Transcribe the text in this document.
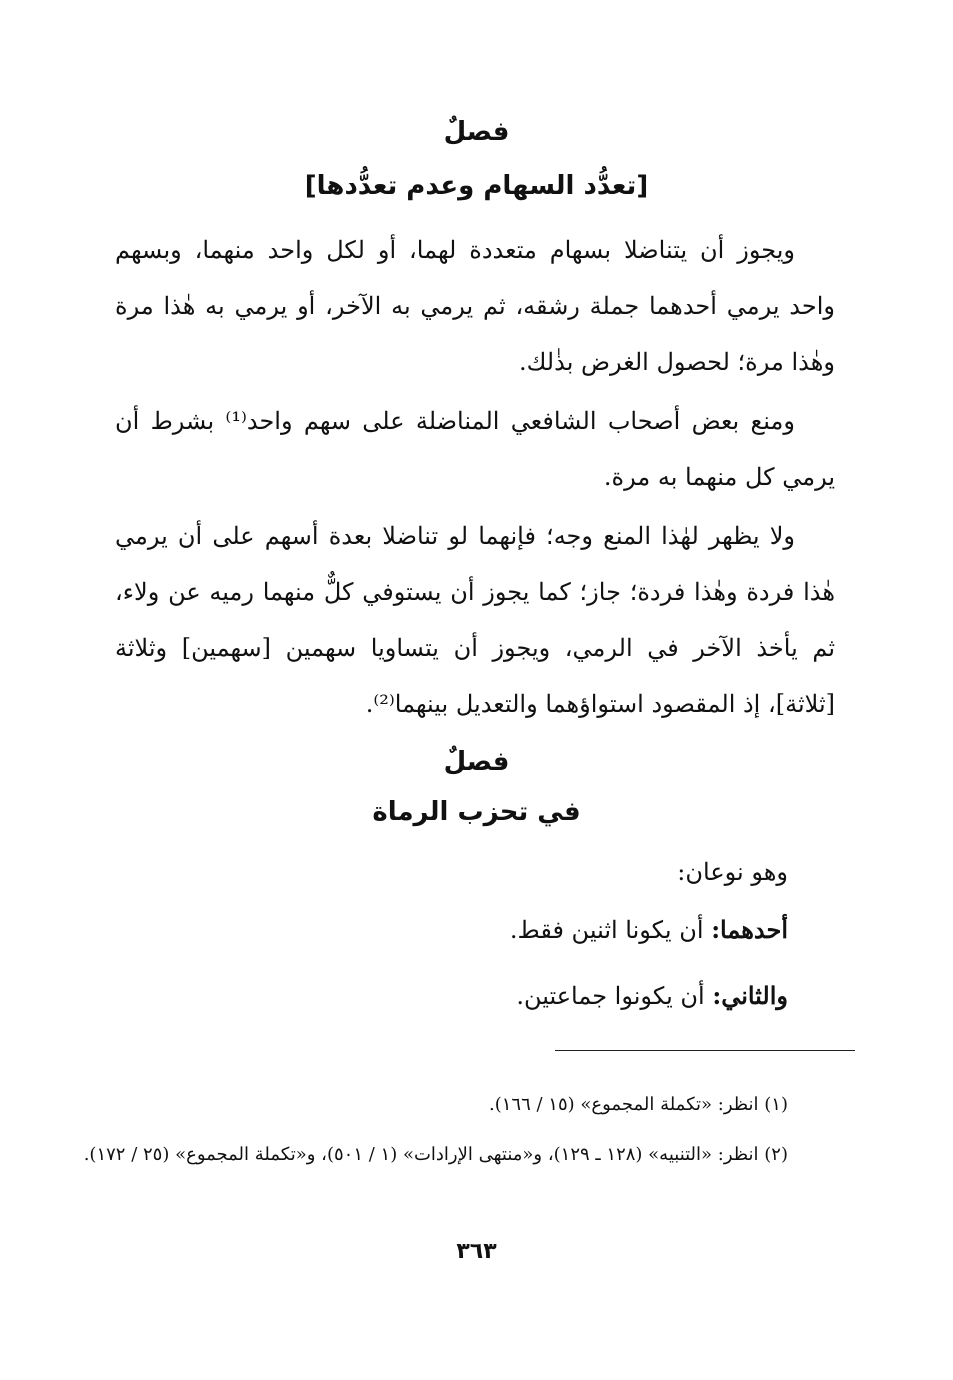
فصلٌ
[تعدُّد السهام وعدم تعدُّدها]
ويجوز أن يتناضلا بسهام متعددة لهما، أو لكل واحد منهما، وبسهم واحد يرمي أحدهما جملة رشقه، ثم يرمي به الآخر، أو يرمي به هٰذا مرة وهٰذا مرة؛ لحصول الغرض بذٰلك.
ومنع بعض أصحاب الشافعي المناضلة على سهم واحد⁽¹⁾ بشرط أن يرمي كل منهما به مرة.
ولا يظهر لهٰذا المنع وجه؛ فإنهما لو تناضلا بعدة أسهم على أن يرمي هٰذا فردة وهٰذا فردة؛ جاز؛ كما يجوز أن يستوفي كلٌّ منهما رميه عن ولاء، ثم يأخذ الآخر في الرمي، ويجوز أن يتساويا سهمين [سهمين] وثلاثة [ثلاثة]، إذ المقصود استواؤهما والتعديل بينهما⁽²⁾.
فصلٌ
في تحزب الرماة
وهو نوعان:
أحدهما: أن يكونا اثنين فقط.
والثاني: أن يكونوا جماعتين.
(١) انظر: «تكملة المجموع» (١٥ / ١٦٦).
(٢) انظر: «التنبيه» (١٢٨ ـ ١٢٩)، و«منتهى الإرادات» (١ / ٥٠١)، و«تكملة المجموع» (٢٥ / ١٧٢).
٣٦٣
